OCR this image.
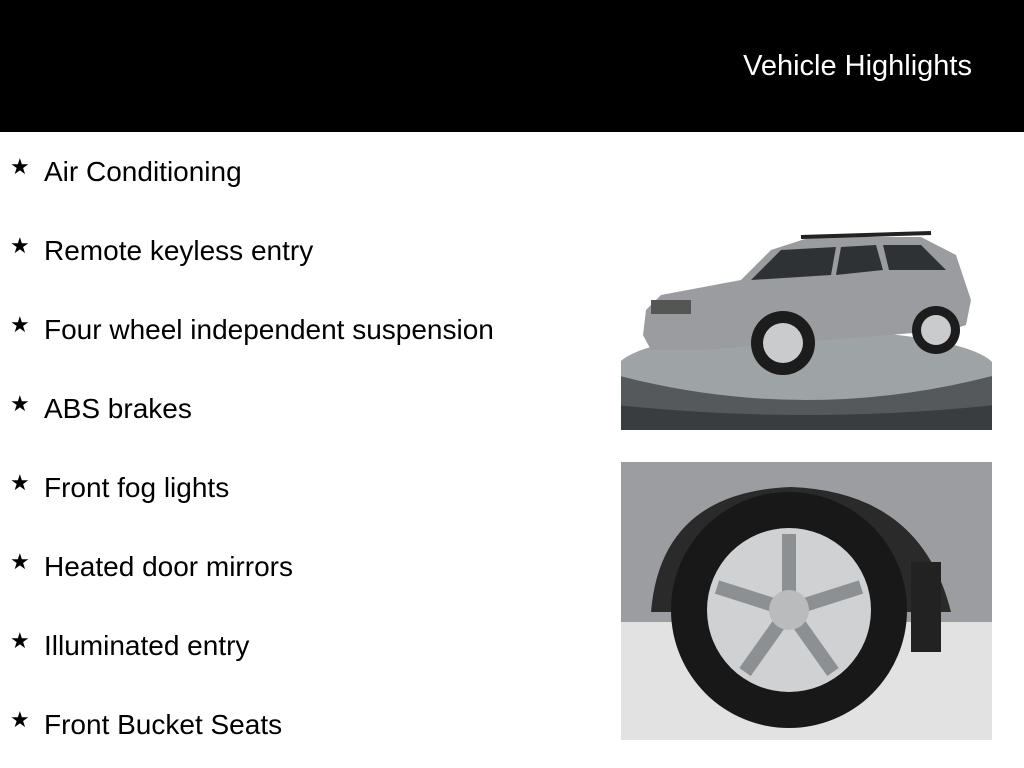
Vehicle Highlights
★ Air Conditioning
★ Remote keyless entry
★ Four wheel independent suspension
★ ABS brakes
★ Front fog lights
★ Heated door mirrors
★ Illuminated entry
★ Front Bucket Seats
